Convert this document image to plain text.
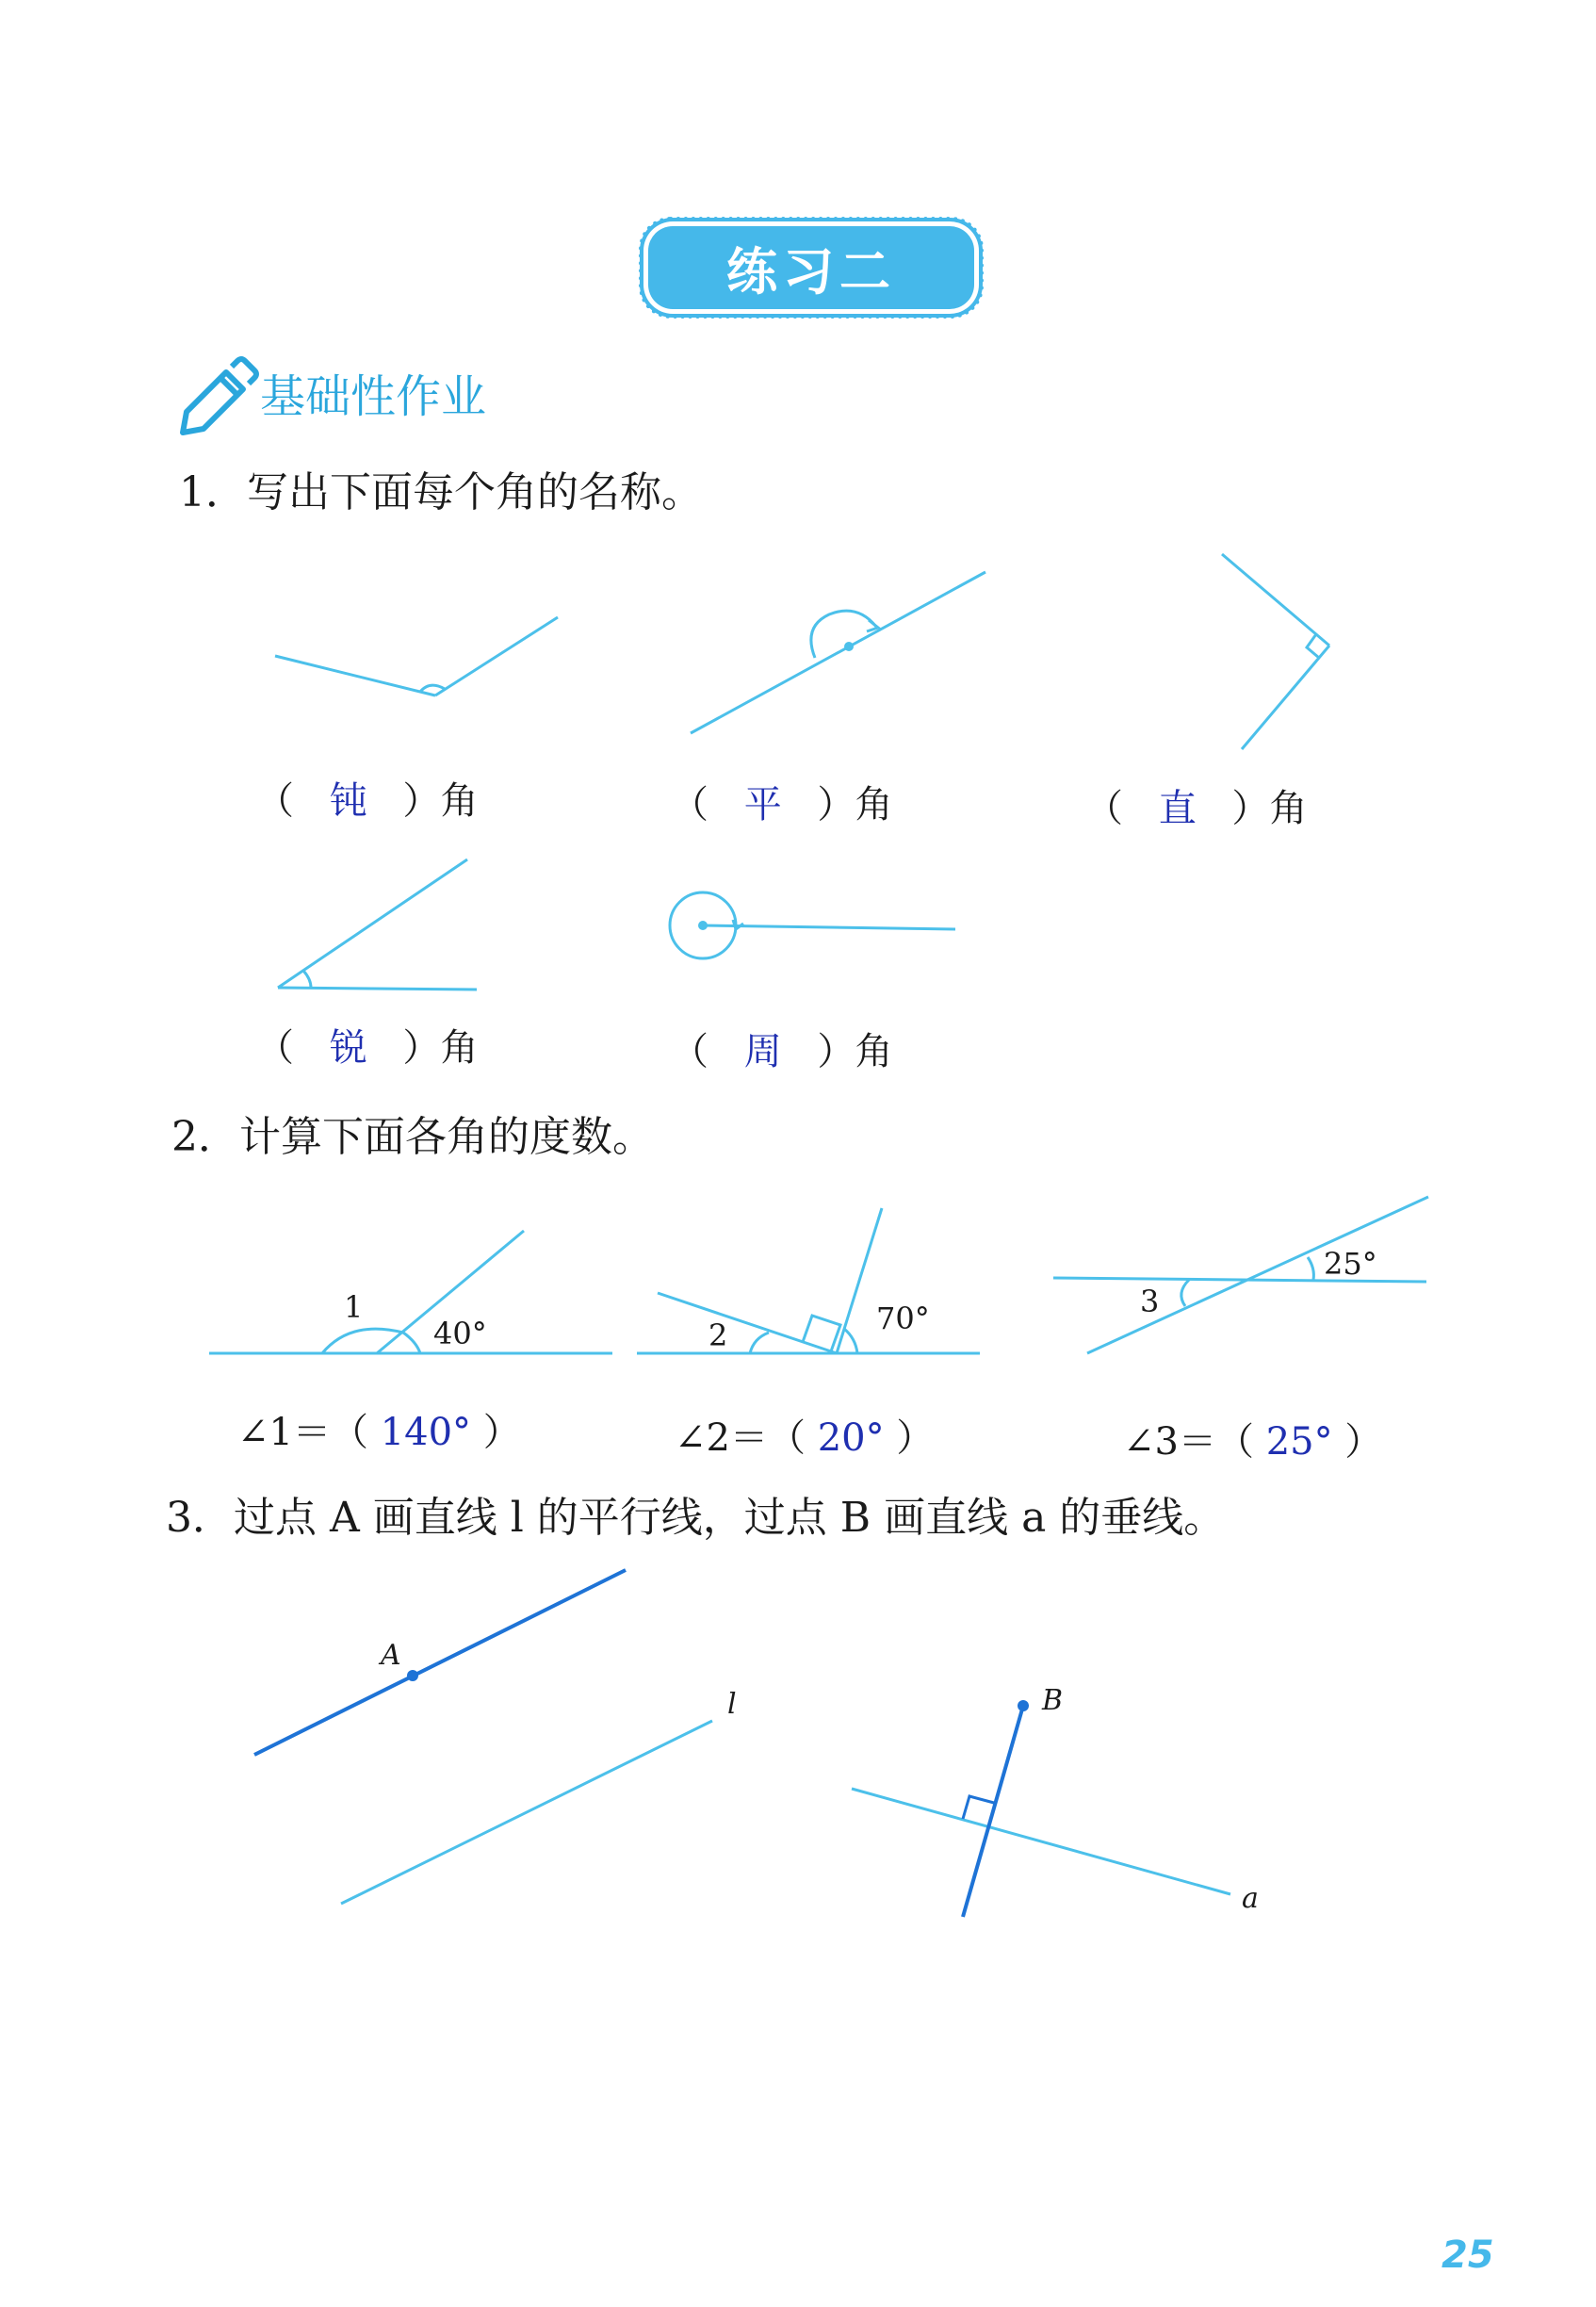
练习二
基础性作业
1．写出下面每个角的名称。
（ 钝 ）角	（ 平 ）角	（ 直 ）角
（ 锐 ）角	（ 周 ）角
2．计算下面各角的度数。
1
40°	2	70°	3
25°
∠1＝（ 140° ）	∠2＝（ 20° ）	∠3＝（ 25° ）
3．过点 A 画直线 l 的平行线，过点 B 画直线 a 的垂线。
A
l	B
a
25
